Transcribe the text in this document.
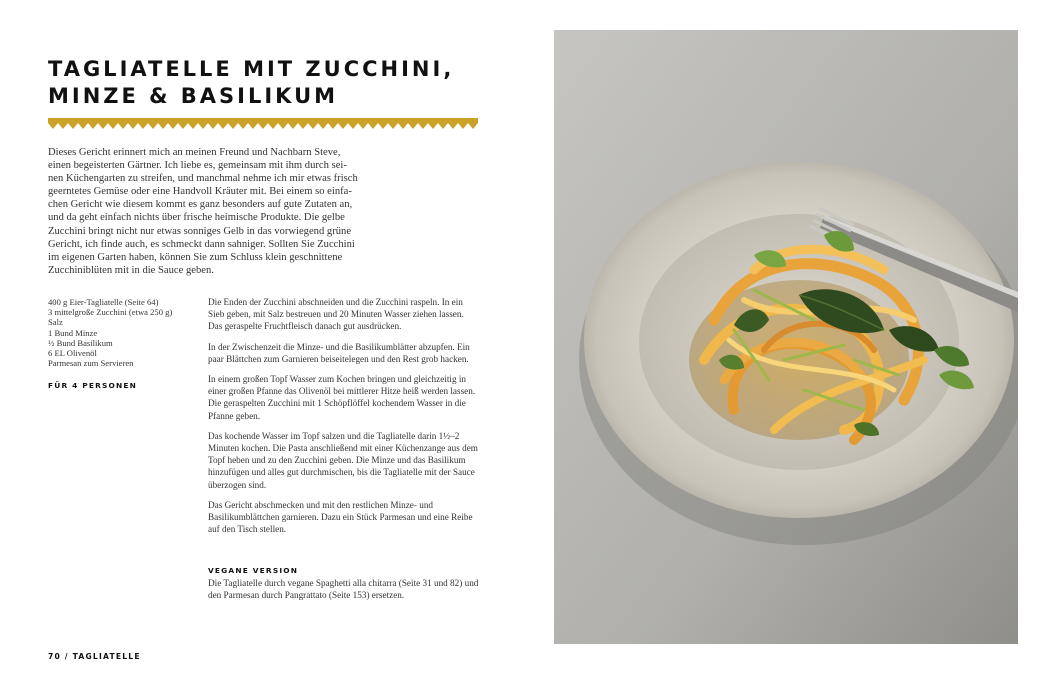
TAGLIATELLE MIT ZUCCHINI,
MINZE & BASILIKUM

Dieses Gericht erinnert mich an meinen Freund und Nachbarn Steve,

einen begeisterten Gärtner. Ich liebe es, gemeinsam mit ihm durch sei-

nen Küchengarten zu streifen, und manchmal nehme ich mir etwas frisch

geerntetes Gemüse oder eine Handvoll Kräuter mit. Bei einem so einfa-

chen Gericht wie diesem kommt es ganz besonders auf gute Zutaten an,

und da geht einfach nichts über frische heimische Produkte. Die gelbe

Zucchini bringt nicht nur etwas sonniges Gelb in das vorwiegend grüne

Gericht, ich finde auch, es schmeckt dann sahniger. Sollten Sie Zucchini

im eigenen Garten haben, können Sie zum Schluss klein geschnittene

Zucchiniblüten mit in die Sauce geben.

400 g Eier-Tagliatelle (Seite 64)
3 mittelgroße Zucchini (etwa 250 g)
Salz
1 Bund Minze
½ Bund Basilikum
6 EL Olivenöl
Parmesan zum Servieren
FÜR 4 PERSONEN

Die Enden der Zucchini abschneiden und die Zucchini raspeln. In ein Sieb geben, mit Salz bestreuen und 20 Minuten Wasser ziehen lassen. Das geraspelte Fruchtfleisch danach gut ausdrücken.

In der Zwischenzeit die Minze- und die Basilikumblätter abzupfen. Ein paar Blättchen zum Garnieren beiseitelegen und den Rest grob hacken.

In einem großen Topf Wasser zum Kochen bringen und gleichzeitig in einer großen Pfanne das Olivenöl bei mittlerer Hitze heiß werden lassen. Die geraspelten Zucchini mit 1 Schöpflöffel kochendem Wasser in die Pfanne geben.

Das kochende Wasser im Topf salzen und die Tagliatelle darin 1½–2 Minuten kochen. Die Pasta anschließend mit einer Küchenzange aus dem Topf heben und zu den Zucchini geben. Die Minze und das Basilikum hinzufügen und alles gut durchmischen, bis die Tagliatelle mit der Sauce überzogen sind.

Das Gericht abschmecken und mit den restlichen Minze- und Basilikumblättchen garnieren. Dazu ein Stück Parmesan und eine Reibe auf den Tisch stellen.

VEGANE VERSION

Die Tagliatelle durch vegane Spaghetti alla chitarra (Seite 31 und 82) und den Parmesan durch Pangrattato (Seite 153) ersetzen.

70 / TAGLIATELLE
